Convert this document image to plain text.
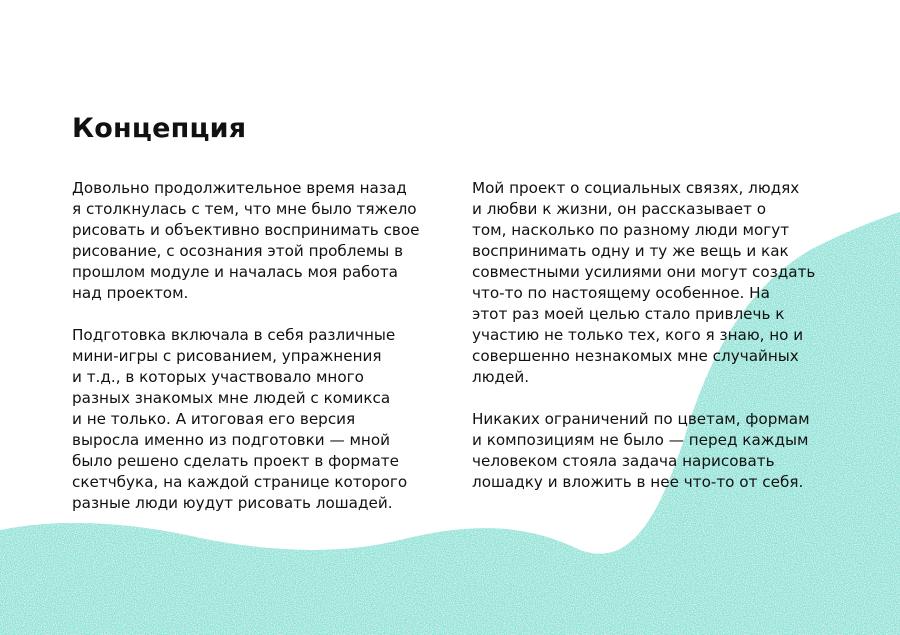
Концепция

Довольно продолжительное время назад
я столкнулась с тем, что мне было тяжело
рисовать и объективно воспринимать свое
рисование, с осознания этой проблемы в
прошлом модуле и началась моя работа
над проектом.

Подготовка включала в себя различные
мини-игры с рисованием, упражнения
и т.д., в которых участвовало много
разных знакомых мне людей с комикса
и не только. А итоговая его версия
выросла именно из подготовки — мной
было решено сделать проект в формате
скетчбука, на каждой странице которого
разные люди юудут рисовать лошадей.

Мой проект о социальных связях, людях
и любви к жизни, он рассказывает о
том, насколько по разному люди могут
воспринимать одну и ту же вещь и как
совместными усилиями они могут создать
что-то по настоящему особенное. На
этот раз моей целью стало привлечь к
участию не только тех, кого я знаю, но и
совершенно незнакомых мне случайных
людей.

Никаких ограничений по цветам, формам
и композициям не было — перед каждым
человеком стояла задача нарисовать
лошадку и вложить в нее что-то от себя.
